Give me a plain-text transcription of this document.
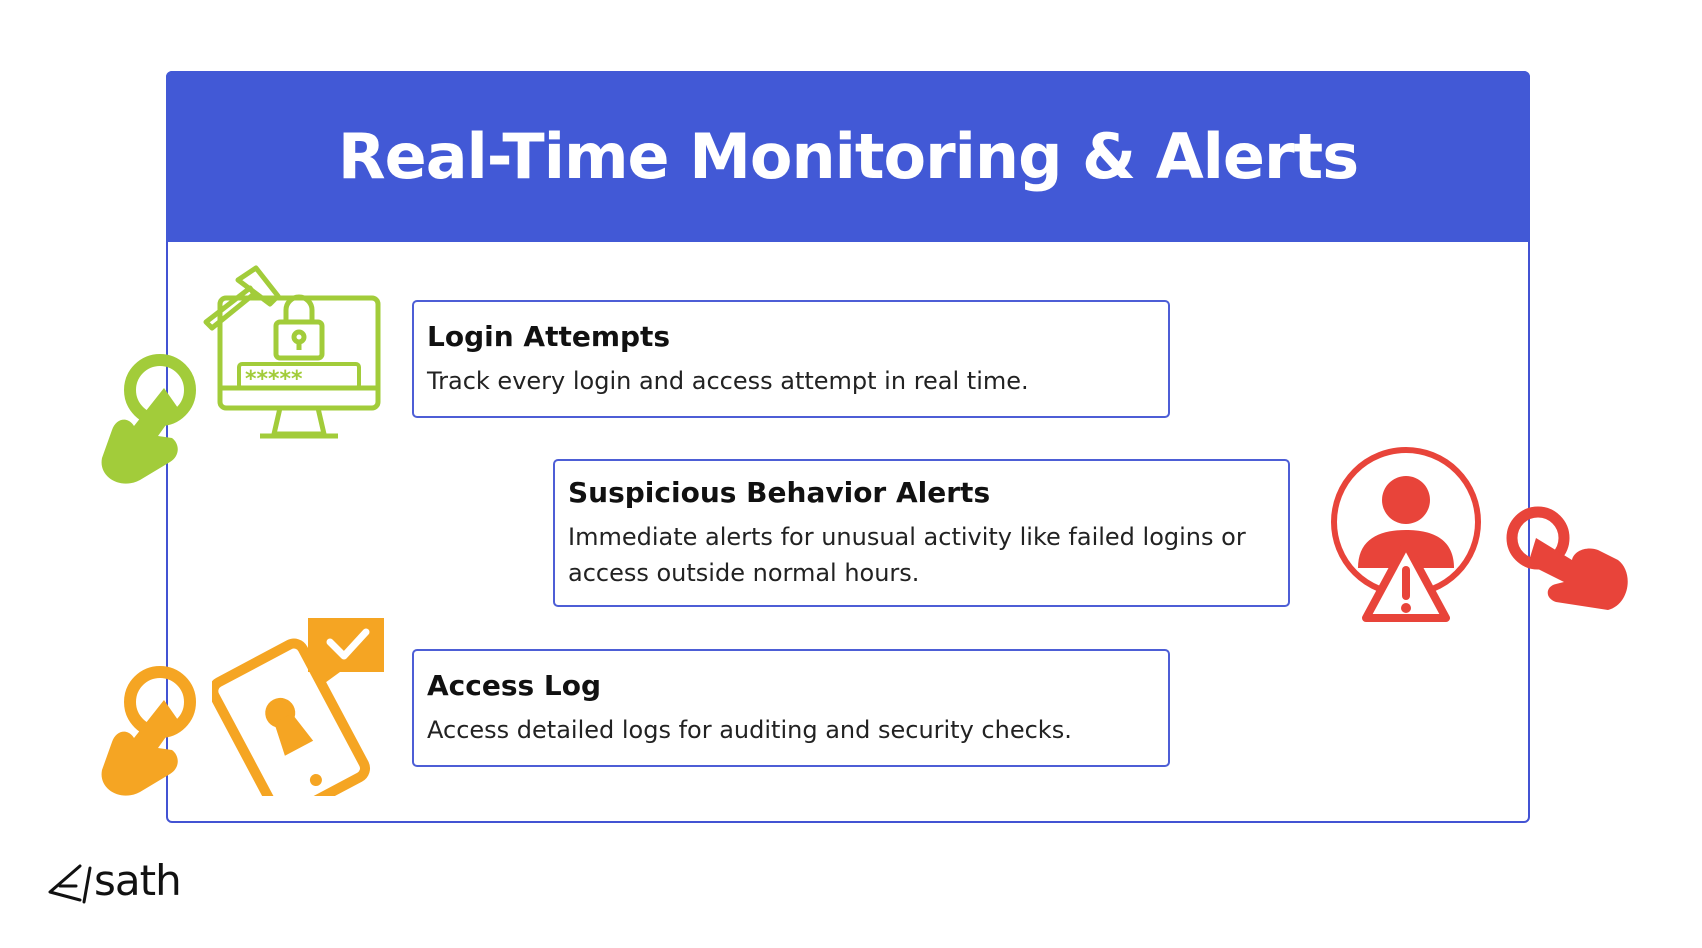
Real-Time Monitoring & Alerts
*****

Login Attempts

Track every login and access attempt in real time.

Suspicious Behavior Alerts

Immediate alerts for unusual activity like failed logins or access outside normal hours.

Access Log

Access detailed logs for auditing and security checks.

sath
